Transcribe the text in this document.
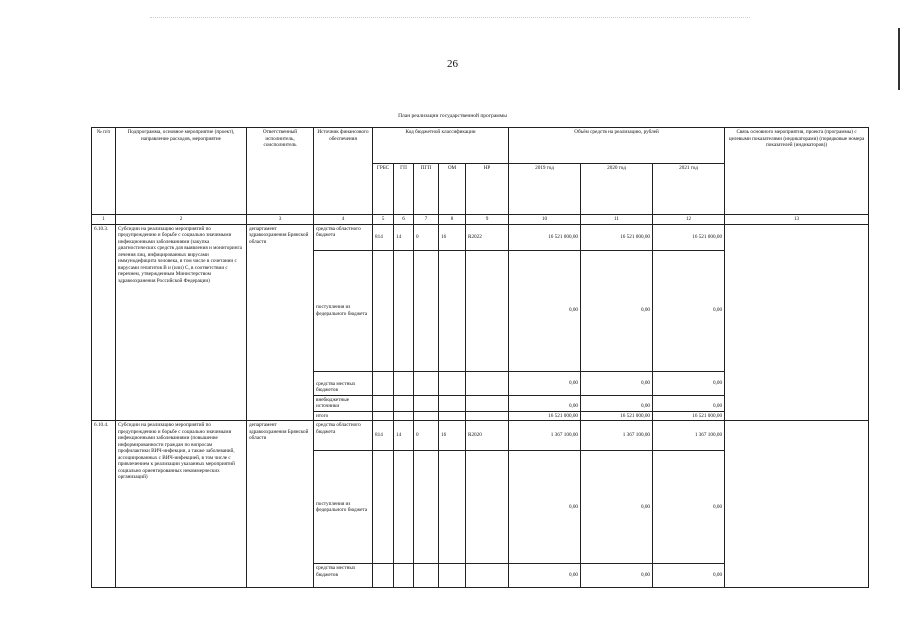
26
План реализации государственной программы
№ п/п	Подпрограмма, основное мероприятие (проект), направление расходов, мероприятие	Ответственный исполнитель, соисполнитель	Источник финансового обеспечения	Код бюджетной классификации					Объём средств на реализацию, рублей			Связь основного мероприятия, проекта (программы) с целевыми показателями (индикаторами) (порядковые номера показателей (индикаторов))
				ГРБС	ГП	ПГП	ОМ	НР	2019 год	2020 год	2021 год	
1	2	3	4	5	6	7	8	9	10	11	12	13
6.10.3.	Субсидии на реализацию мероприятий по предупреждению и борьбе с социально значимыми инфекционными заболеваниями (закупка диагностических средств для выявления и мониторинга лечения лиц, инфицированных вирусами иммунодефицита человека, в том числе в сочетании с вирусами гепатитов В и (или) С, в соответствии с перечнем, утвержденным Министерством здравоохранения Российской Федерации)	департамент здравоохранения Брянской области	средства областного бюджета	814	14	0	16	R2022	16 521 000,00	16 521 000,00	16 521 000,00	
			поступления из федерального бюджета						0,00	0,00	0,00	
			средства местных бюджетов						0,00	0,00	0,00	
			внебюджетные источники						0,00	0,00	0,00	
			итого						16 521 000,00	16 521 000,00	16 521 000,00	
6.10.4.	Субсидии на реализацию мероприятий по предупреждению и борьбе с социально значимыми инфекционными заболеваниями (повышение информированности граждан по вопросам профилактики ВИЧ-инфекции, а также заболеваний, ассоциированных с ВИЧ-инфекцией, в том числе с привлечением к реализации указанных мероприятий социально ориентированных некоммерческих организаций)	департамент здравоохранения Брянской области	средства областного бюджета	814	14	0	16	R2020	1 367 100,00	1 367 100,00	1 367 100,00	
			поступления из федерального бюджета						0,00	0,00	0,00	
			средства местных бюджетов						0,00	0,00	0,00	
